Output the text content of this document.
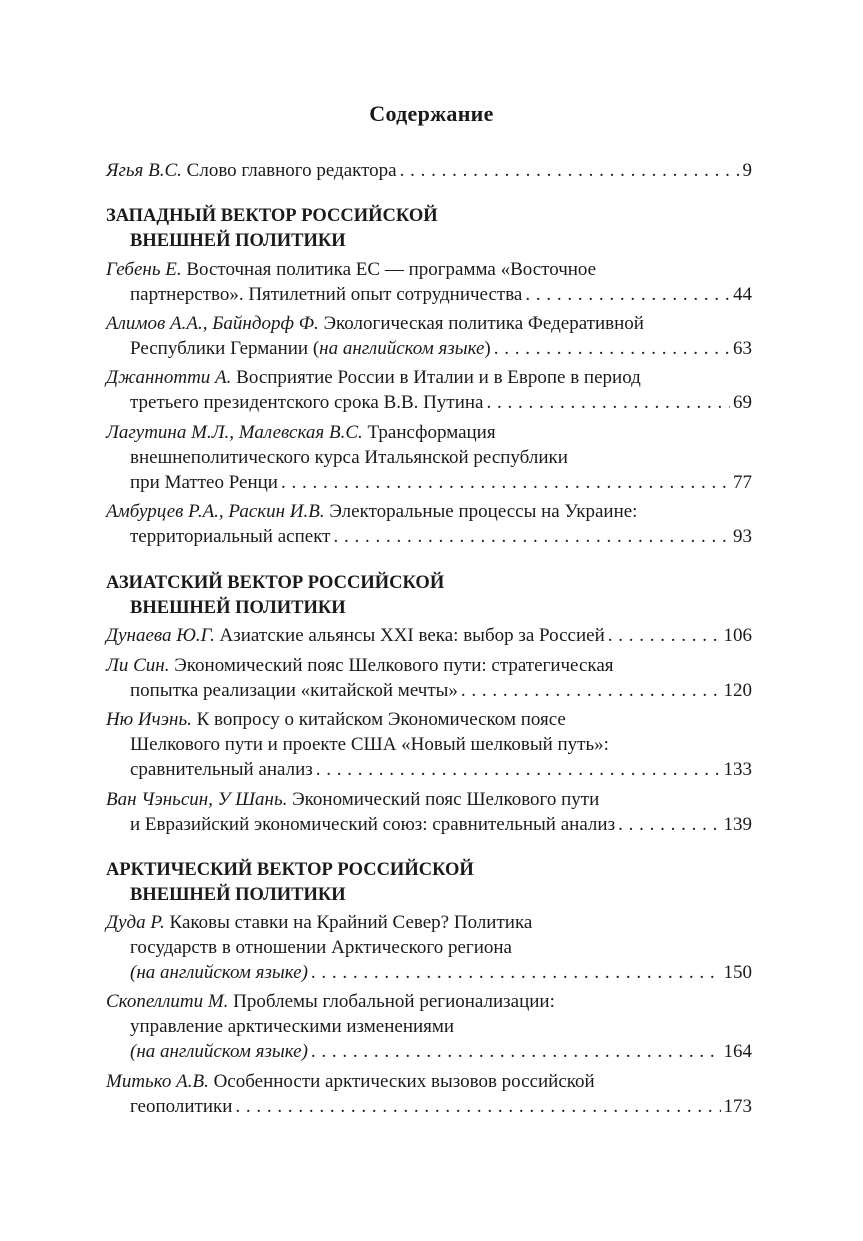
Содержание
Ягья В.С. Слово главного редактора . . .	9
ЗАПАДНЫЙ ВЕКТОР РОССИЙСКОЙ
ВНЕШНЕЙ ПОЛИТИКИ
Гебень Е. Восточная политика ЕС — программа «Восточное
партнерство». Пятилетний опыт сотрудничества . . .	44
Алимов А.А., Байндорф Ф. Экологическая политика Федеративной
Республики Германии (на английском языке) . . .	63
Джаннотти А. Восприятие России в Италии и в Европе в период
третьего президентского срока В.В. Путина . . .	69
Лагутина М.Л., Малевская В.С. Трансформация
внешнеполитического курса Итальянской республики
при Маттео Ренци . . .	77
Амбурцев Р.А., Раскин И.В. Электоральные процессы на Украине:
территориальный аспект . . .	93
АЗИАТСКИЙ ВЕКТОР РОССИЙСКОЙ
ВНЕШНЕЙ ПОЛИТИКИ
Дунаева Ю.Г. Азиатские альянсы XXI века: выбор за Россией . . .	106
Ли Син. Экономический пояс Шелкового пути: стратегическая
попытка реализации «китайской мечты» . . .	120
Ню Ичэнь. К вопросу о китайском Экономическом поясе
Шелкового пути и проекте США «Новый шелковый путь»:
сравнительный анализ . . .	133
Ван Чэньсин, У Шань. Экономический пояс Шелкового пути
и Евразийский экономический союз: сравнительный анализ . . .	139
АРКТИЧЕСКИЙ ВЕКТОР РОССИЙСКОЙ
ВНЕШНЕЙ ПОЛИТИКИ
Дуда Р. Каковы ставки на Крайний Север? Политика
государств в отношении Арктического региона
(на английском языке) . . .	150
Скопеллити М. Проблемы глобальной регионализации:
управление арктическими изменениями
(на английском языке) . . .	164
Митько А.В. Особенности арктических вызовов российской
геополитики . . .	173
